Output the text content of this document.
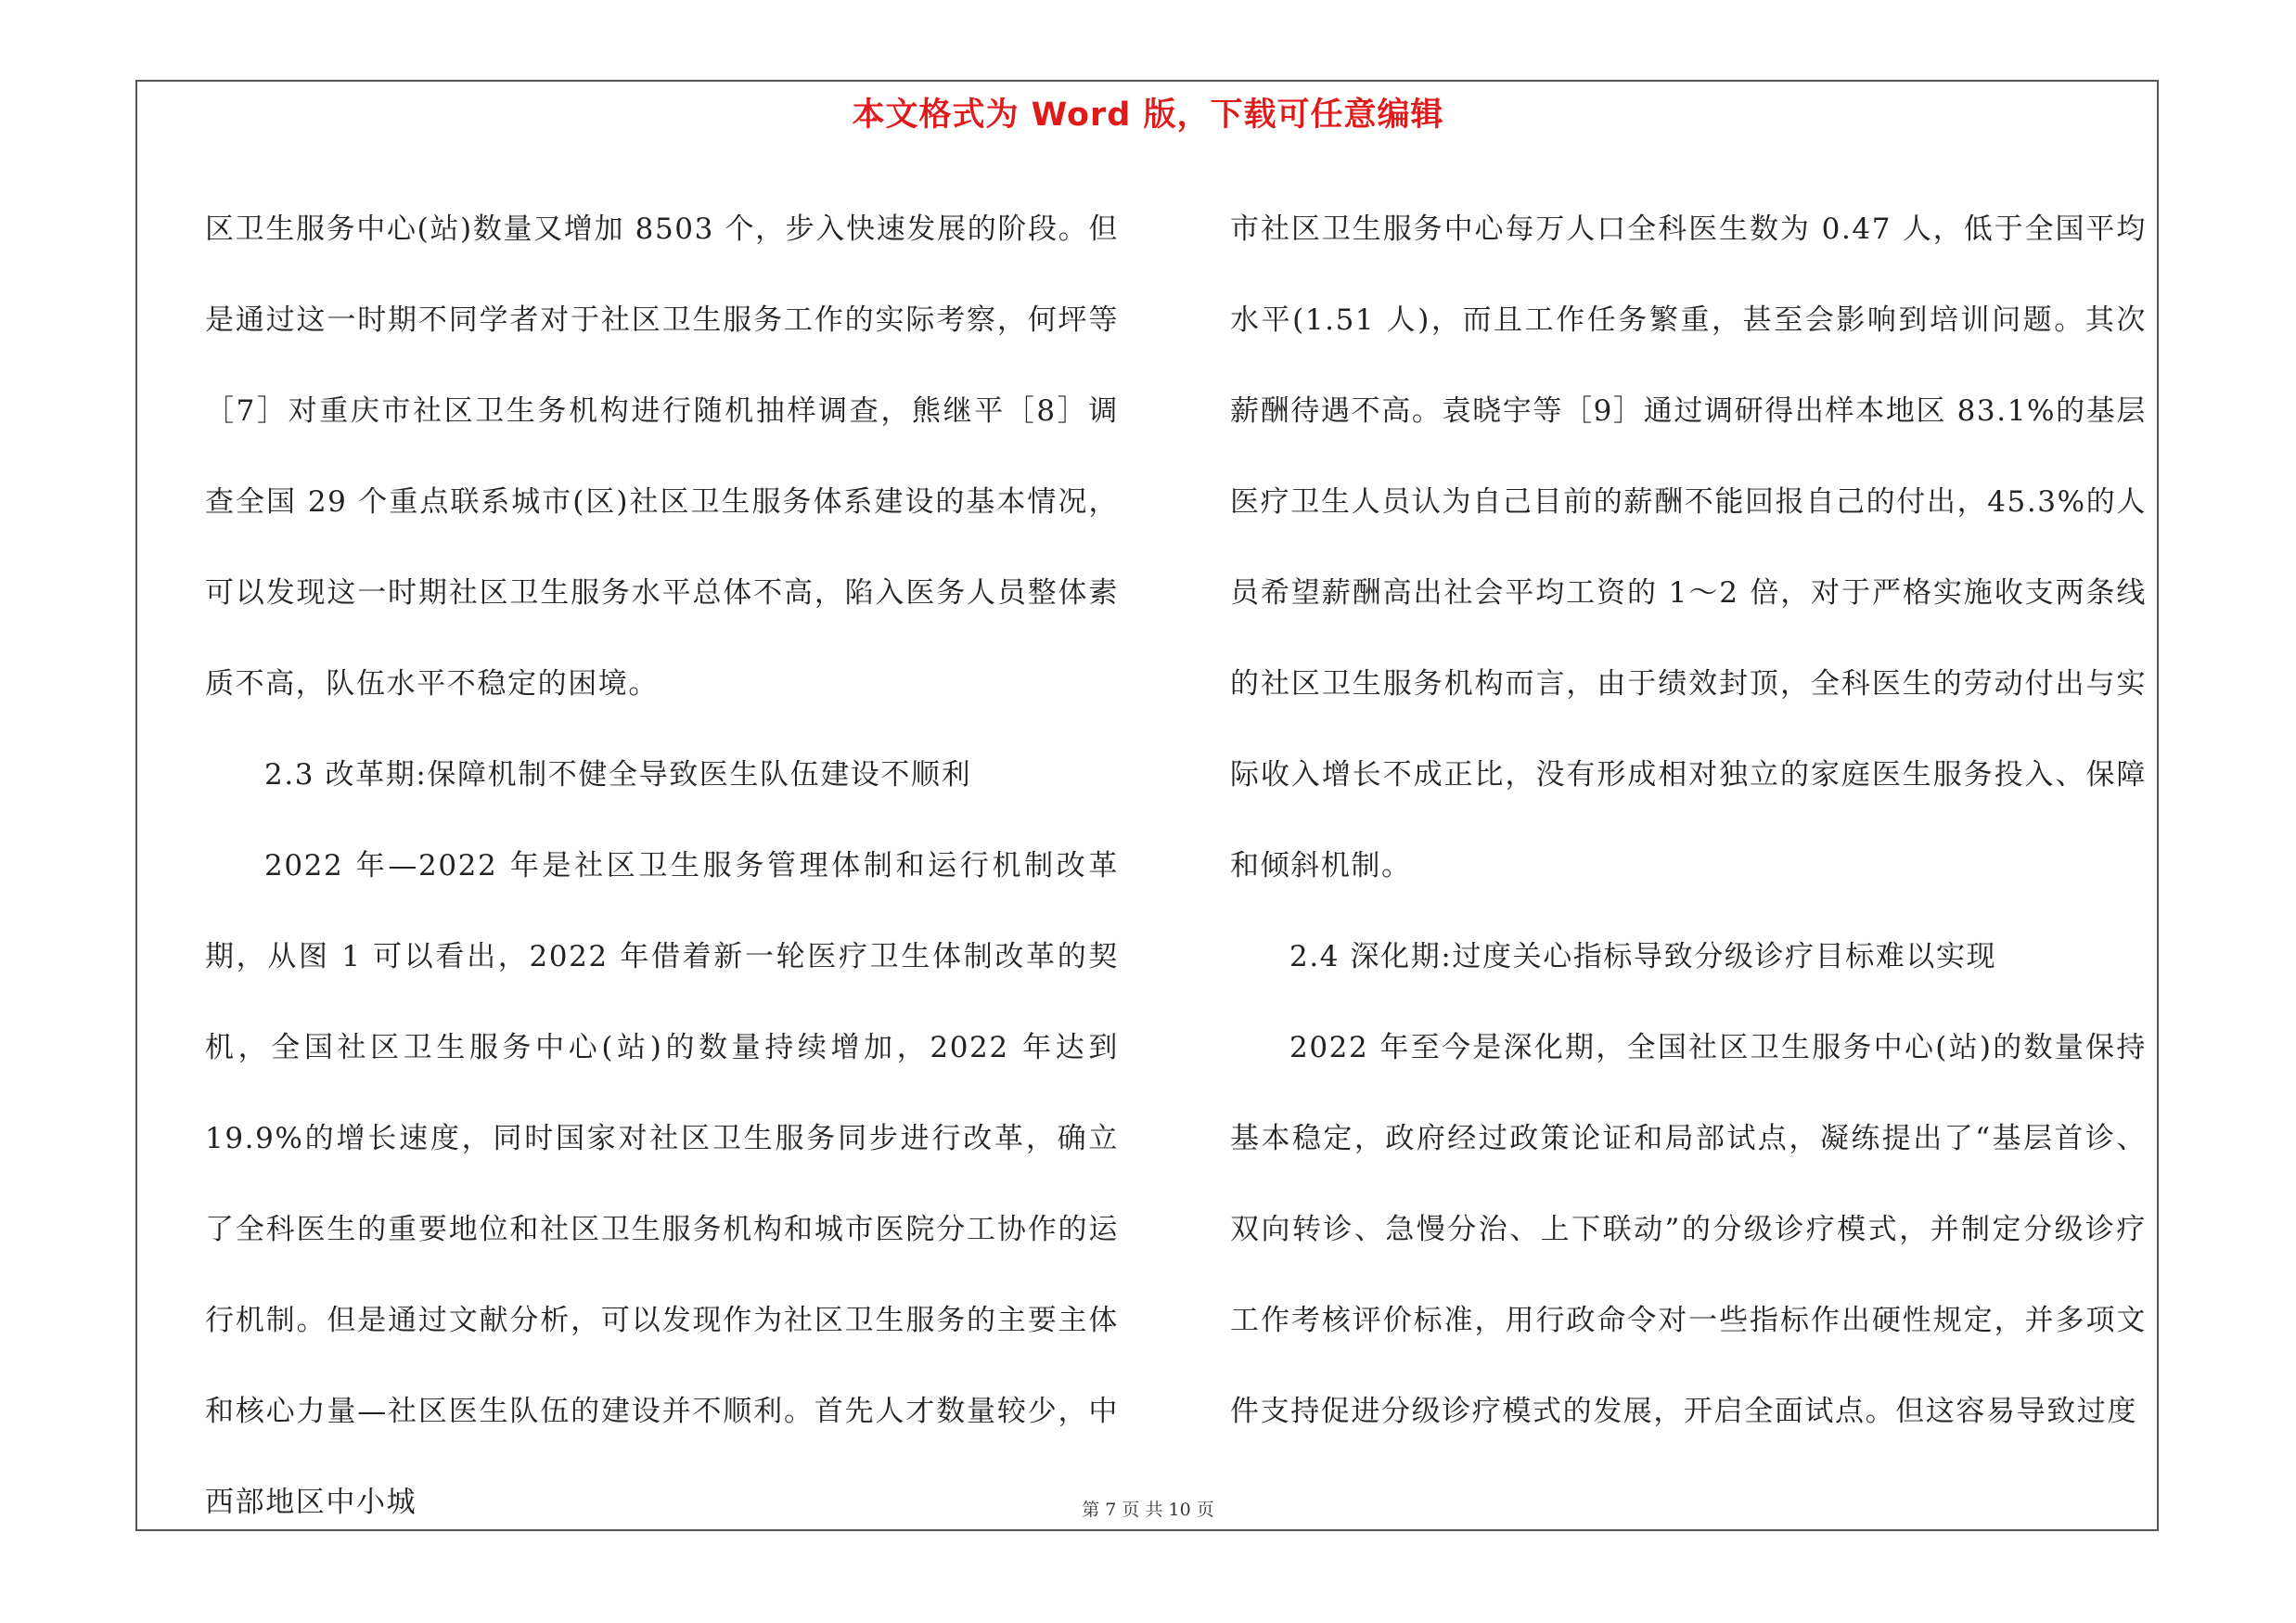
本文格式为 Word 版，下载可任意编辑

区卫生服务中心(站)数量又增加 8503 个，步入快速发展的阶段。但是通过这一时期不同学者对于社区卫生服务工作的实际考察，何坪等［7］对重庆市社区卫生务机构进行随机抽样调查，熊继平［8］调查全国 29 个重点联系城市(区)社区卫生服务体系建设的基本情况，可以发现这一时期社区卫生服务水平总体不高，陷入医务人员整体素质不高，队伍水平不稳定的困境。

2.3 改革期:保障机制不健全导致医生队伍建设不顺利

2022 年—2022 年是社区卫生服务管理体制和运行机制改革期，从图 1 可以看出，2022 年借着新一轮医疗卫生体制改革的契机，全国社区卫生服务中心(站)的数量持续增加，2022 年达到 19.9%的增长速度，同时国家对社区卫生服务同步进行改革，确立了全科医生的重要地位和社区卫生服务机构和城市医院分工协作的运行机制。但是通过文献分析，可以发现作为社区卫生服务的主要主体和核心力量—社区医生队伍的建设并不顺利。首先人才数量较少，中西部地区中小城

市社区卫生服务中心每万人口全科医生数为 0.47 人，低于全国平均水平(1.51 人)，而且工作任务繁重，甚至会影响到培训问题。其次薪酬待遇不高。袁晓宇等［9］通过调研得出样本地区 83.1%的基层医疗卫生人员认为自己目前的薪酬不能回报自己的付出，45.3%的人员希望薪酬高出社会平均工资的 1～2 倍，对于严格实施收支两条线的社区卫生服务机构而言，由于绩效封顶，全科医生的劳动付出与实际收入增长不成正比，没有形成相对独立的家庭医生服务投入、保障和倾斜机制。

2.4 深化期:过度关心指标导致分级诊疗目标难以实现

2022 年至今是深化期，全国社区卫生服务中心(站)的数量保持基本稳定，政府经过政策论证和局部试点，凝练提出了“基层首诊、双向转诊、急慢分治、上下联动”的分级诊疗模式，并制定分级诊疗工作考核评价标准，用行政命令对一些指标作出硬性规定，并多项文件支持促进分级诊疗模式的发展，开启全面试点。但这容易导致过度

第 7 页 共 10 页
